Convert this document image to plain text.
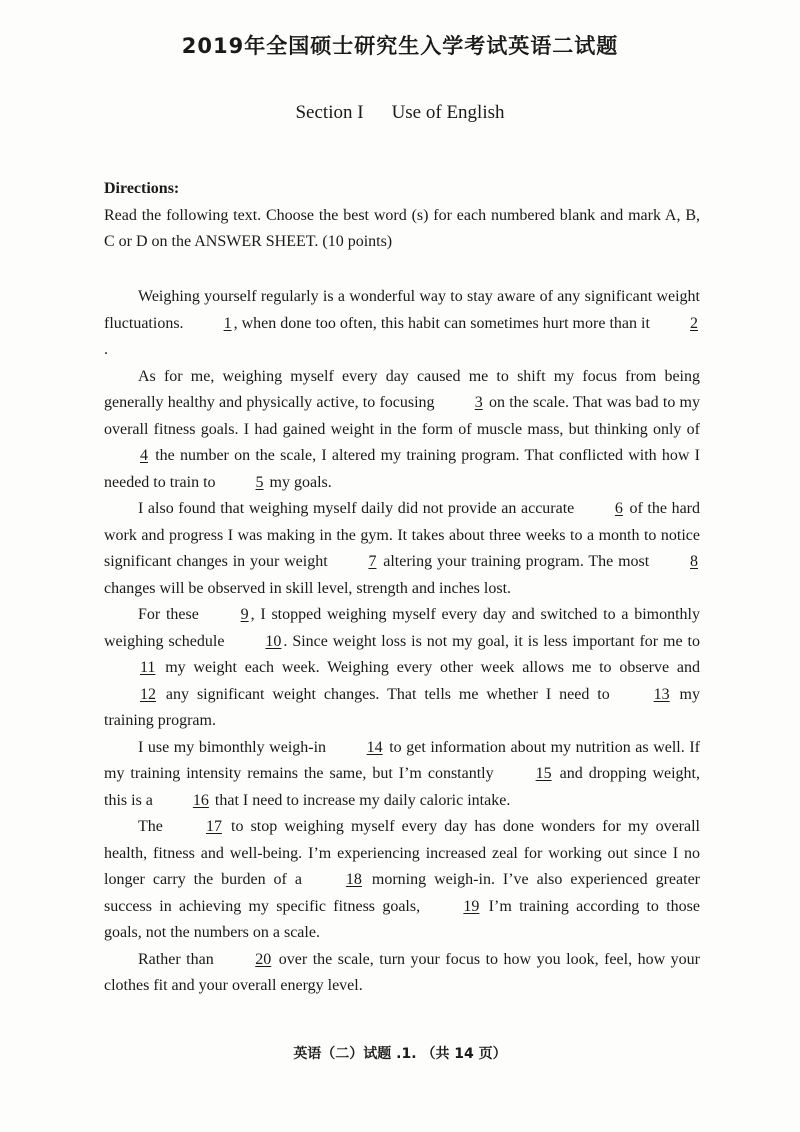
2019年全国硕士研究生入学考试英语二试题
Section I Use of English
Directions:
Read the following text. Choose the best word (s) for each numbered blank and mark A, B, C or D on the ANSWER SHEET. (10 points)

Weighing yourself regularly is a wonderful way to stay aware of any significant weight fluctuations. 1 , when done too often, this habit can sometimes hurt more than it 2.

As for me, weighing myself every day caused me to shift my focus from being generally healthy and physically active, to focusing 3 on the scale. That was bad to my overall fitness goals. I had gained weight in the form of muscle mass, but thinking only of 4 the number on the scale, I altered my training program. That conflicted with how I needed to train to 5 my goals.

I also found that weighing myself daily did not provide an accurate 6 of the hard work and progress I was making in the gym. It takes about three weeks to a month to notice significant changes in your weight 7 altering your training program. The most 8 changes will be observed in skill level, strength and inches lost.

For these 9 , I stopped weighing myself every day and switched to a bimonthly weighing schedule 10 . Since weight loss is not my goal, it is less important for me to 11 my weight each week. Weighing every other week allows me to observe and 12 any significant weight changes. That tells me whether I need to 13 my training program.

I use my bimonthly weigh-in 14 to get information about my nutrition as well. If my training intensity remains the same, but I’m constantly 15 and dropping weight, this is a 16 that I need to increase my daily caloric intake.

The 17 to stop weighing myself every day has done wonders for my overall health, fitness and well-being. I’m experiencing increased zeal for working out since I no longer carry the burden of a 18 morning weigh-in. I’ve also experienced greater success in achieving my specific fitness goals, 19 I’m training according to those goals, not the numbers on a scale.

Rather than 20 over the scale, turn your focus to how you look, feel, how your clothes fit and your overall energy level.

英语（二）试题 .1. （共 14 页）
